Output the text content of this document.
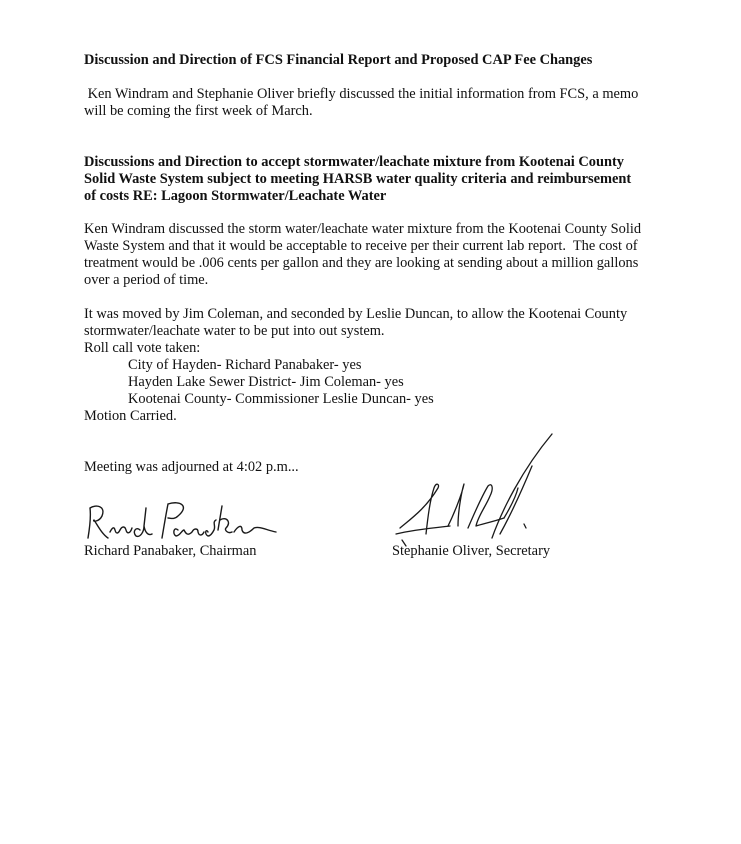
Discussion and Direction of FCS Financial Report and Proposed CAP Fee Changes
Ken Windram and Stephanie Oliver briefly discussed the initial information from FCS, a memo
will be coming the first week of March.
Discussions and Direction to accept stormwater/leachate mixture from Kootenai County
Solid Waste System subject to meeting HARSB water quality criteria and reimbursement
of costs RE: Lagoon Stormwater/Leachate Water
Ken Windram discussed the storm water/leachate water mixture from the Kootenai County Solid
Waste System and that it would be acceptable to receive per their current lab report.  The cost of
treatment would be .006 cents per gallon and they are looking at sending about a million gallons
over a period of time.
It was moved by Jim Coleman, and seconded by Leslie Duncan, to allow the Kootenai County
stormwater/leachate water to be put into out system.
Roll call vote taken:
City of Hayden- Richard Panabaker- yes
Hayden Lake Sewer District- Jim Coleman- yes
Kootenai County- Commissioner Leslie Duncan- yes
Motion Carried.
Meeting was adjourned at 4:02 p.m...
Richard Panabaker, Chairman	Stephanie Oliver, Secretary
